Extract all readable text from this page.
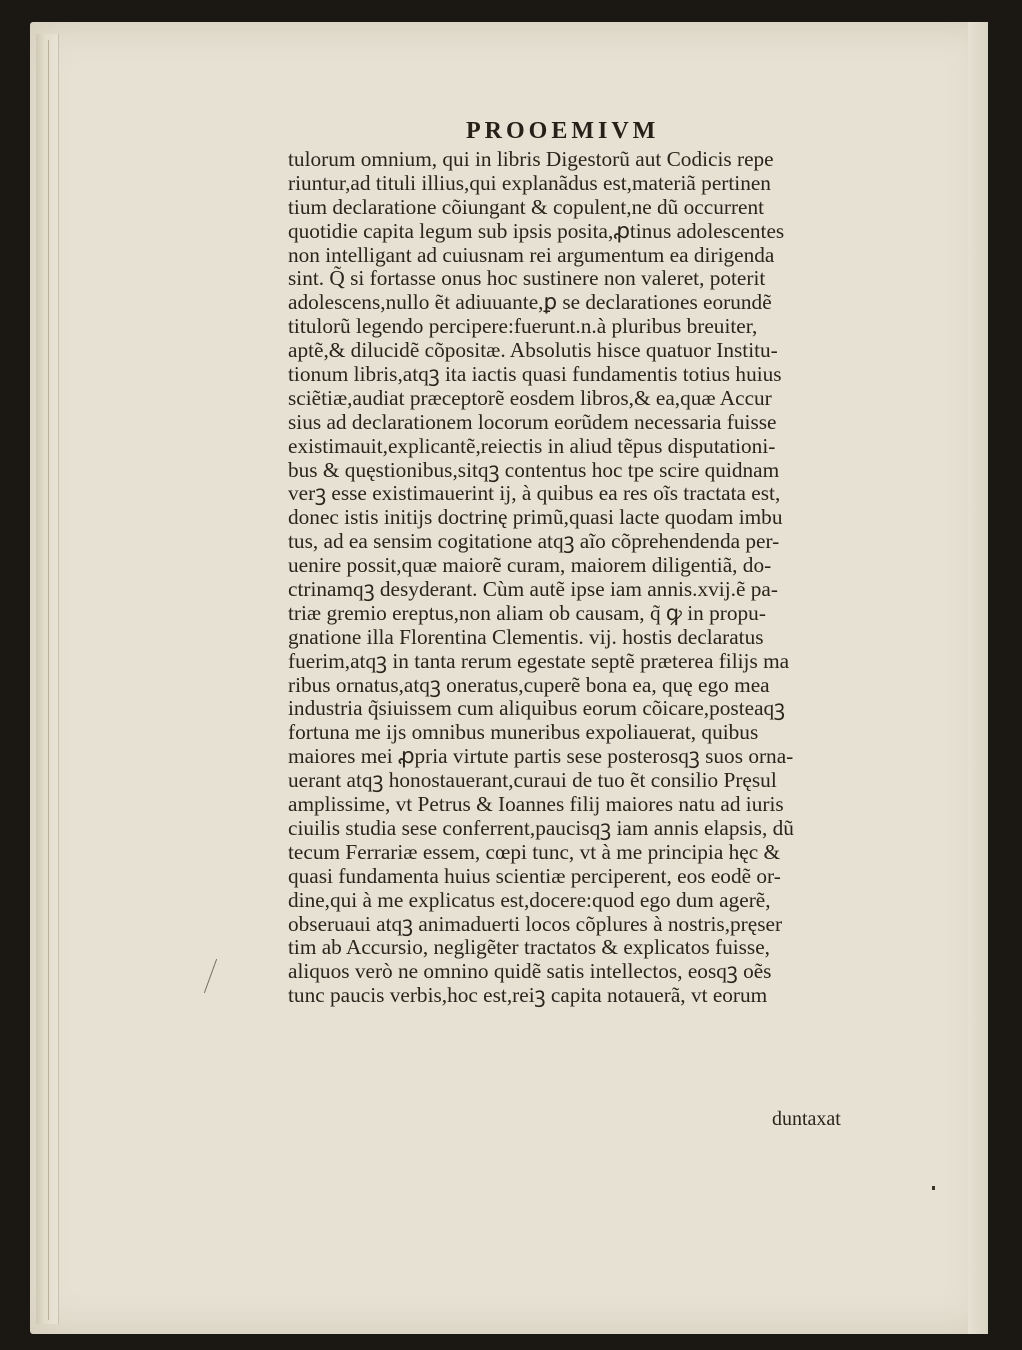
PROOEMIVM
tulorum omnium, qui in libris Digestorũ aut Codicis repe
riuntur,ad tituli illius,qui explanãdus est,materiã pertinen
tium declaratione cõiungant & copulent,ne dũ occurrent
quotidie capita legum sub ipsis posita,ꝓtinus adolescentes
non intelligant ad cuiusnam rei argumentum ea dirigenda
sint. Q̃ si fortasse onus hoc sustinere non valeret, poterit
adolescens,nullo ẽt adiuuante,ꝑ se declarationes eorundẽ
titulorũ legendo percipere:fuerunt.n.à pluribus breuiter,
aptẽ,& dilucidẽ cõpositæ. Absolutis hisce quatuor Institu-
tionum libris,atqꝫ ita iactis quasi fundamentis totius huius
sciẽtiæ,audiat præceptorẽ eosdem libros,& ea,quæ Accur
sius ad declarationem locorum eorũdem necessaria fuisse
existimauit,explicantẽ,reiectis in aliud tẽpus disputationi-
bus & quęstionibus,sitqꝫ contentus hoc tpe scire quidnam
verꝫ esse existimauerint ij, à quibus ea res oĩs tractata est,
donec istis initijs doctrinę primũ,quasi lacte quodam imbu
tus, ad ea sensim cogitatione atqꝫ aĩo cõprehendenda per-
uenire possit,quæ maiorẽ curam, maiorem diligentiã, do-
ctrinamqꝫ desyderant. Cùm autẽ ipse iam annis.xvij.ẽ pa-
triæ gremio ereptus,non aliam ob causam, q̃ ꝙ in propu-
gnatione illa Florentina Clementis. vij. hostis declaratus
fuerim,atqꝫ in tanta rerum egestate septẽ præterea filijs ma
ribus ornatus,atqꝫ oneratus,cuperẽ bona ea, quę ego mea
industria q̃siuissem cum aliquibus eorum cõicare,posteaqꝫ
fortuna me ijs omnibus muneribus expoliauerat, quibus
maiores mei ꝓpria virtute partis sese posterosqꝫ suos orna-
uerant atqꝫ honostauerant,curaui de tuo ẽt consilio Pręsul
amplissime, vt Petrus & Ioannes filij maiores natu ad iuris
ciuilis studia sese conferrent,paucisqꝫ iam annis elapsis, dũ
tecum Ferrariæ essem, cœpi tunc, vt à me principia hęc &
quasi fundamenta huius scientiæ perciperent, eos eodẽ or-
dine,qui à me explicatus est,docere:quod ego dum agerẽ,
obseruaui atqꝫ animaduerti locos cõplures à nostris,pręser
tim ab Accursio, negligẽter tractatos & explicatos fuisse,
aliquos verò ne omnino quidẽ satis intellectos, eosqꝫ oẽs
tunc paucis verbis,hoc est,reiꝫ capita notauerã, vt eorum
duntaxat
